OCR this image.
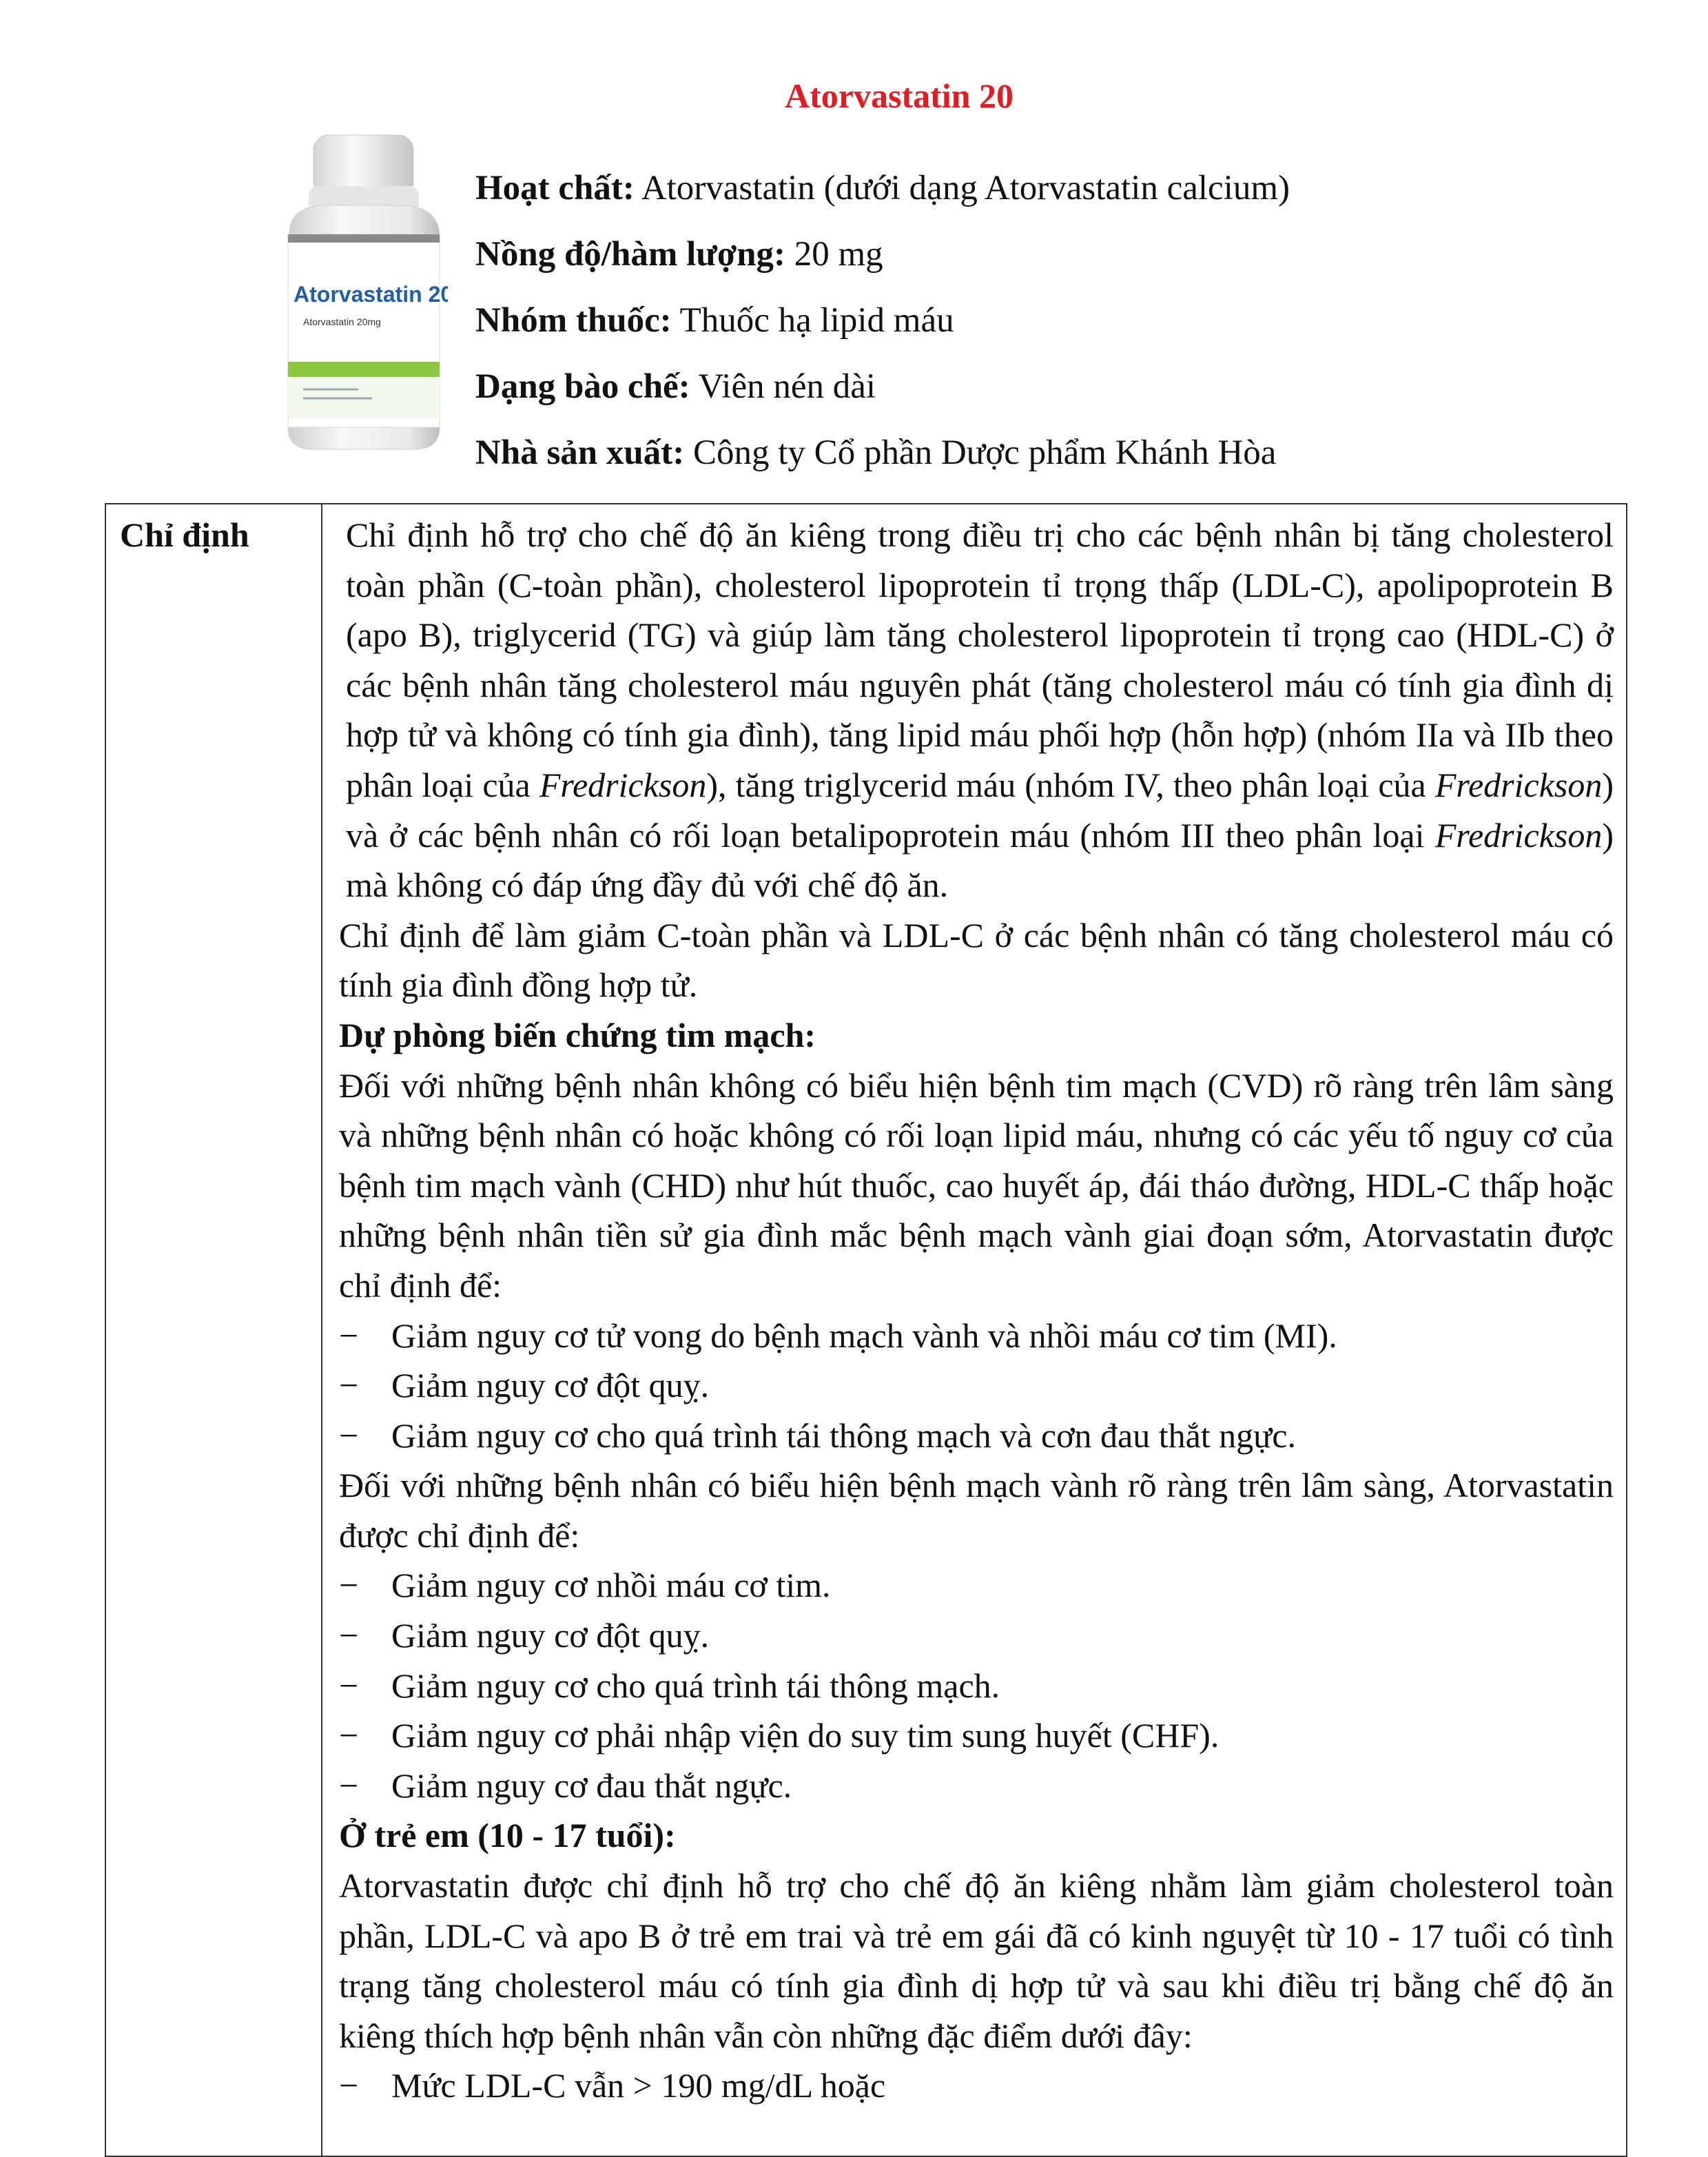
Atorvastatin 20
Atorvastatin 20
Atorvastatin 20mg
Hoạt chất: Atorvastatin (dưới dạng Atorvastatin calcium)
Nồng độ/hàm lượng: 20 mg
Nhóm thuốc: Thuốc hạ lipid máu
Dạng bào chế: Viên nén dài
Nhà sản xuất: Công ty Cổ phần Dược phẩm Khánh Hòa
Chỉ định	Chỉ định hỗ trợ cho chế độ ăn kiêng trong điều trị cho các bệnh nhân bị tăng cholesterol toàn phần (C-toàn phần), cholesterol lipoprotein tỉ trọng thấp (LDL-C), apolipoprotein B (apo B), triglycerid (TG) và giúp làm tăng cholesterol lipoprotein tỉ trọng cao (HDL-C) ở các bệnh nhân tăng cholesterol máu nguyên phát (tăng cholesterol máu có tính gia đình dị hợp tử và không có tính gia đình), tăng lipid máu phối hợp (hỗn hợp) (nhóm IIa và IIb theo phân loại của Fredrickson), tăng triglycerid máu (nhóm IV, theo phân loại của Fredrickson) và ở các bệnh nhân có rối loạn betalipoprotein máu (nhóm III theo phân loại Fredrickson) mà không có đáp ứng đầy đủ với chế độ ăn.

Chỉ định để làm giảm C-toàn phần và LDL-C ở các bệnh nhân có tăng cholesterol máu có tính gia đình đồng hợp tử.

Dự phòng biến chứng tim mạch:

Đối với những bệnh nhân không có biểu hiện bệnh tim mạch (CVD) rõ ràng trên lâm sàng và những bệnh nhân có hoặc không có rối loạn lipid máu, nhưng có các yếu tố nguy cơ của bệnh tim mạch vành (CHD) như hút thuốc, cao huyết áp, đái tháo đường, HDL-C thấp hoặc những bệnh nhân tiền sử gia đình mắc bệnh mạch vành giai đoạn sớm, Atorvastatin được chỉ định để:

− Giảm nguy cơ tử vong do bệnh mạch vành và nhồi máu cơ tim (MI).

− Giảm nguy cơ đột quỵ.

− Giảm nguy cơ cho quá trình tái thông mạch và cơn đau thắt ngực.

Đối với những bệnh nhân có biểu hiện bệnh mạch vành rõ ràng trên lâm sàng, Atorvastatin được chỉ định để:

− Giảm nguy cơ nhồi máu cơ tim.

− Giảm nguy cơ đột quỵ.

− Giảm nguy cơ cho quá trình tái thông mạch.

− Giảm nguy cơ phải nhập viện do suy tim sung huyết (CHF).

− Giảm nguy cơ đau thắt ngực.

Ở trẻ em (10 - 17 tuổi):

Atorvastatin được chỉ định hỗ trợ cho chế độ ăn kiêng nhằm làm giảm cholesterol toàn phần, LDL-C và apo B ở trẻ em trai và trẻ em gái đã có kinh nguyệt từ 10 - 17 tuổi có tình trạng tăng cholesterol máu có tính gia đình dị hợp tử và sau khi điều trị bằng chế độ ăn kiêng thích hợp bệnh nhân vẫn còn những đặc điểm dưới đây:

− Mức LDL-C vẫn > 190 mg/dL hoặc
